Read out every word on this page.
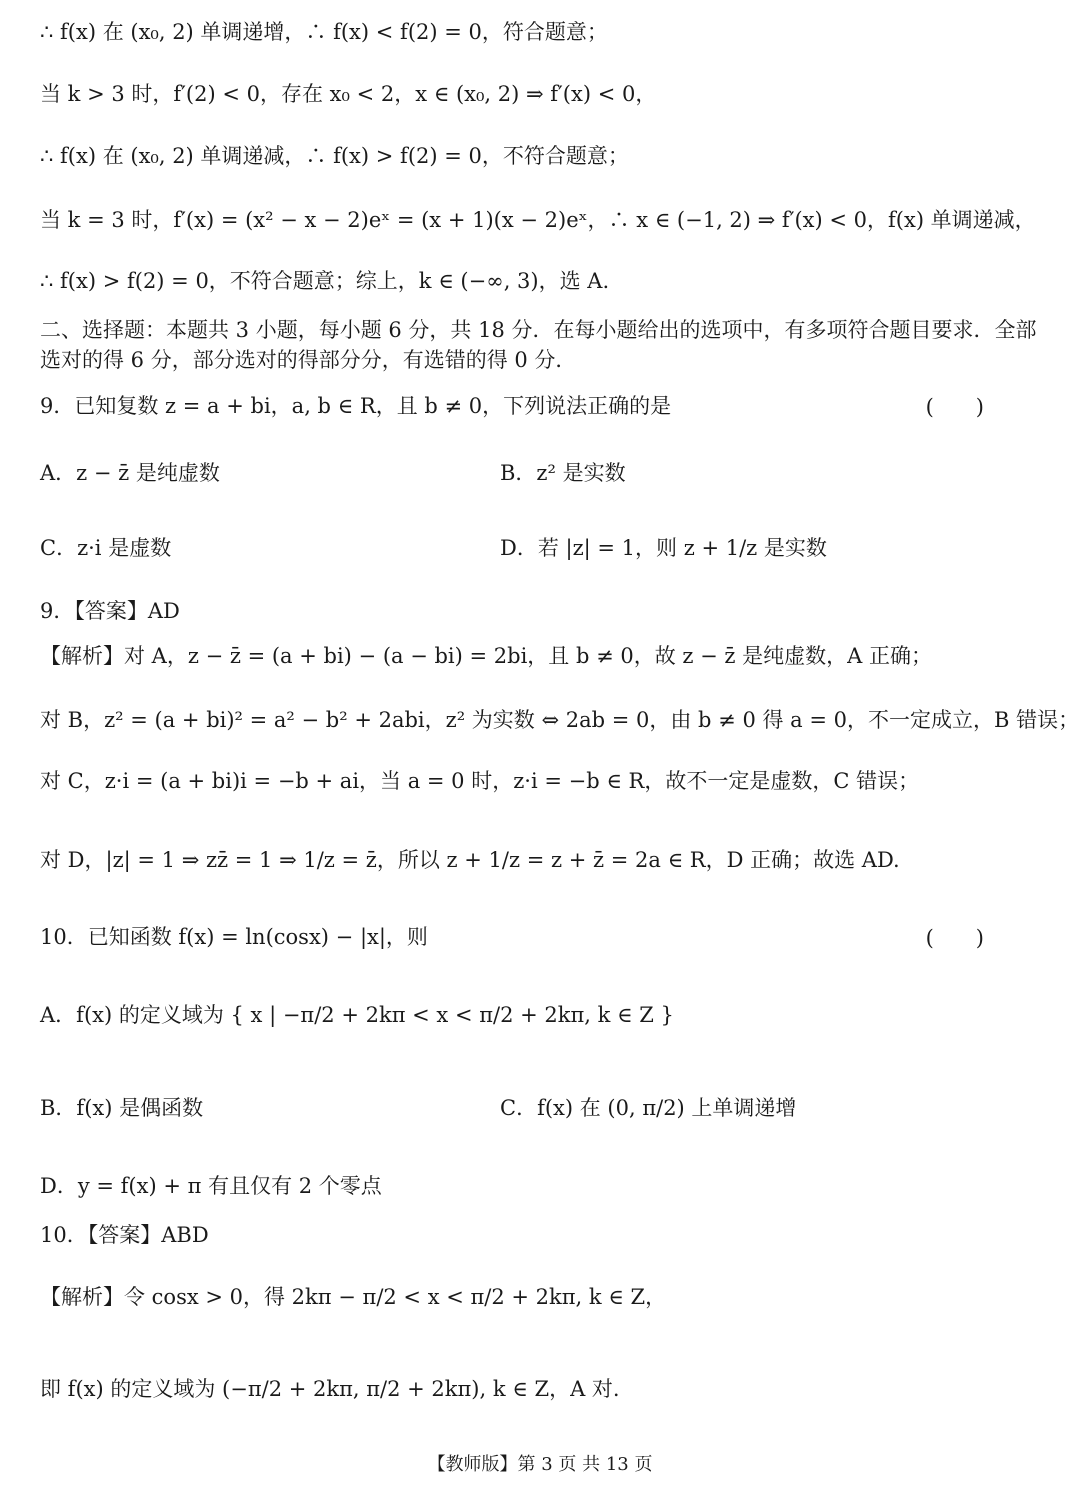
∴ f(x) 在 (x₀, 2) 单调递增，∴ f(x) < f(2) = 0，符合题意；
当 k > 3 时，f′(2) < 0，存在 x₀ < 2，x ∈ (x₀, 2) ⇒ f′(x) < 0，
∴ f(x) 在 (x₀, 2) 单调递减，∴ f(x) > f(2) = 0，不符合题意；
当 k = 3 时，f′(x) = (x² − x − 2)eˣ = (x + 1)(x − 2)eˣ，∴ x ∈ (−1, 2) ⇒ f′(x) < 0，f(x) 单调递减，
∴ f(x) > f(2) = 0，不符合题意；综上，k ∈ (−∞, 3)，选 A.
二、选择题：本题共 3 小题，每小题 6 分，共 18 分．在每小题给出的选项中，有多项符合题目要求．全部选对的得 6 分，部分选对的得部分分，有选错的得 0 分．
9．已知复数 z = a + bi，a, b ∈ R，且 b ≠ 0，下列说法正确的是	(　　)
A．z − z̄ 是纯虚数	B．z² 是实数
C．z·i 是虚数	D．若 |z| = 1，则 z + 1/z 是实数
9．【答案】AD
【解析】对 A，z − z̄ = (a + bi) − (a − bi) = 2bi，且 b ≠ 0，故 z − z̄ 是纯虚数，A 正确；
对 B，z² = (a + bi)² = a² − b² + 2abi，z² 为实数 ⇔ 2ab = 0，由 b ≠ 0 得 a = 0，不一定成立，B 错误；
对 C，z·i = (a + bi)i = −b + ai，当 a = 0 时，z·i = −b ∈ R，故不一定是虚数，C 错误；
对 D，|z| = 1 ⇒ zz̄ = 1 ⇒ 1/z = z̄，所以 z + 1/z = z + z̄ = 2a ∈ R，D 正确；故选 AD.
10．已知函数 f(x) = ln(cosx) − |x|，则	(　　)
A．f(x) 的定义域为 { x | −π/2 + 2kπ < x < π/2 + 2kπ, k ∈ Z }
B．f(x) 是偶函数	C．f(x) 在 (0, π/2) 上单调递增
D．y = f(x) + π 有且仅有 2 个零点
10．【答案】ABD
【解析】令 cosx > 0，得 2kπ − π/2 < x < π/2 + 2kπ, k ∈ Z，
即 f(x) 的定义域为 (−π/2 + 2kπ, π/2 + 2kπ), k ∈ Z，A 对.
【教师版】第 3 页 共 13 页
